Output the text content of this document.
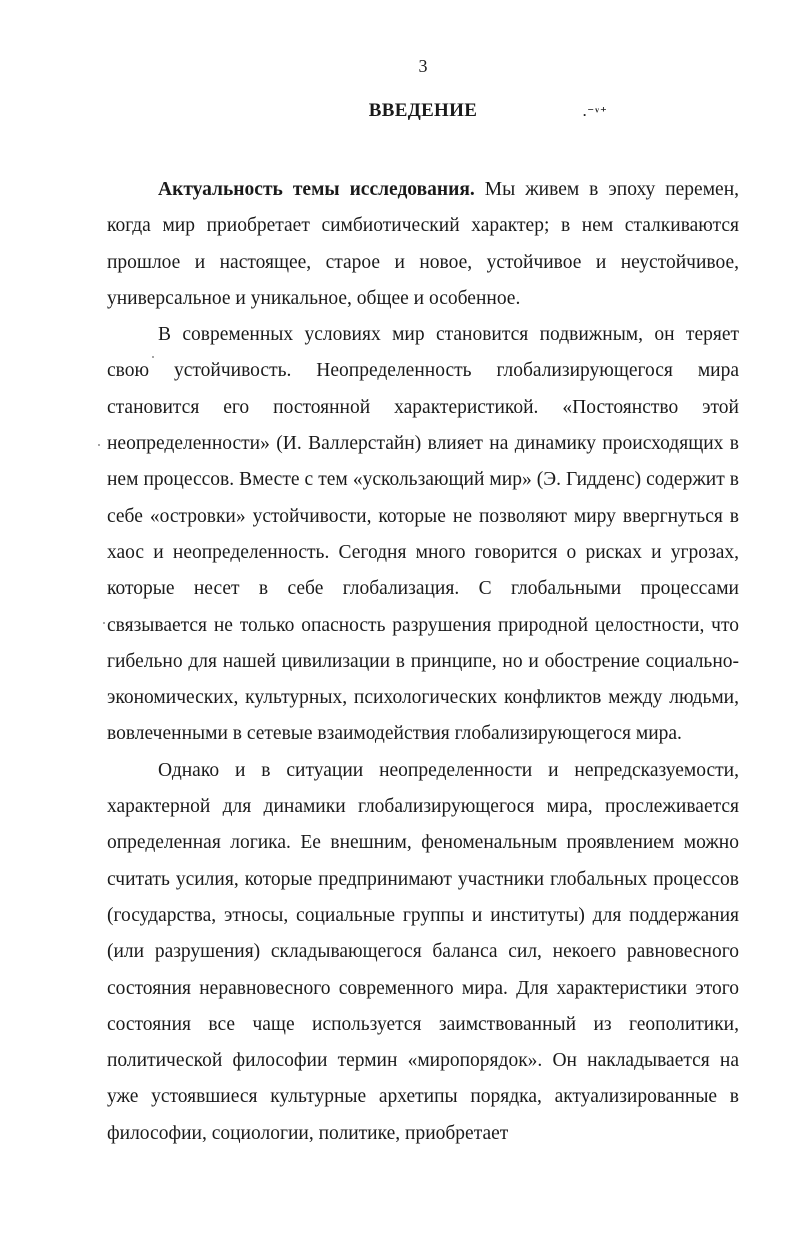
3
ВВЕДЕНИЕ	.⁻ᵛ⁺

Актуальность темы исследования. Мы живем в эпоху перемен, когда мир приобретает симбиотический характер; в нем сталкиваются прошлое и настоящее, старое и новое, устойчивое и неустойчивое, универсальное и уникальное, общее и особенное.

В современных условиях мир становится подвижным, он теряет свою устойчивость. Неопределенность глобализирующегося мира становится его постоянной характеристикой. «Постоянство этой неопределенности» (И. Валлерстайн) влияет на динамику происходящих в нем процессов. Вместе с тем «ускользающий мир» (Э. Гидденс) содержит в себе «островки» устойчивости, которые не позволяют миру ввергнуться в хаос и неопределенность. Сегодня много говорится о рисках и угрозах, которые несет в себе глобализация. С глобальными процессами связывается не только опасность разрушения природной целостности, что гибельно для нашей цивилизации в принципе, но и обострение социально-экономических, культурных, психологических конфликтов между людьми, вовлеченными в сетевые взаимодействия глобализирующегося мира.

Однако и в ситуации неопределенности и непредсказуемости, характерной для динамики глобализирующегося мира, прослеживается определенная логика. Ее внешним, феноменальным проявлением можно считать усилия, которые предпринимают участники глобальных процессов (государства, этносы, социальные группы и институты) для поддержания (или разрушения) складывающегося баланса сил, некоего равновесного состояния неравновесного современного мира. Для характеристики этого состояния все чаще используется заимствованный из геополитики, политической философии термин «миропорядок». Он накладывается на уже устоявшиеся культурные архетипы порядка, актуализированные в философии, социологии, политике, приобретает
